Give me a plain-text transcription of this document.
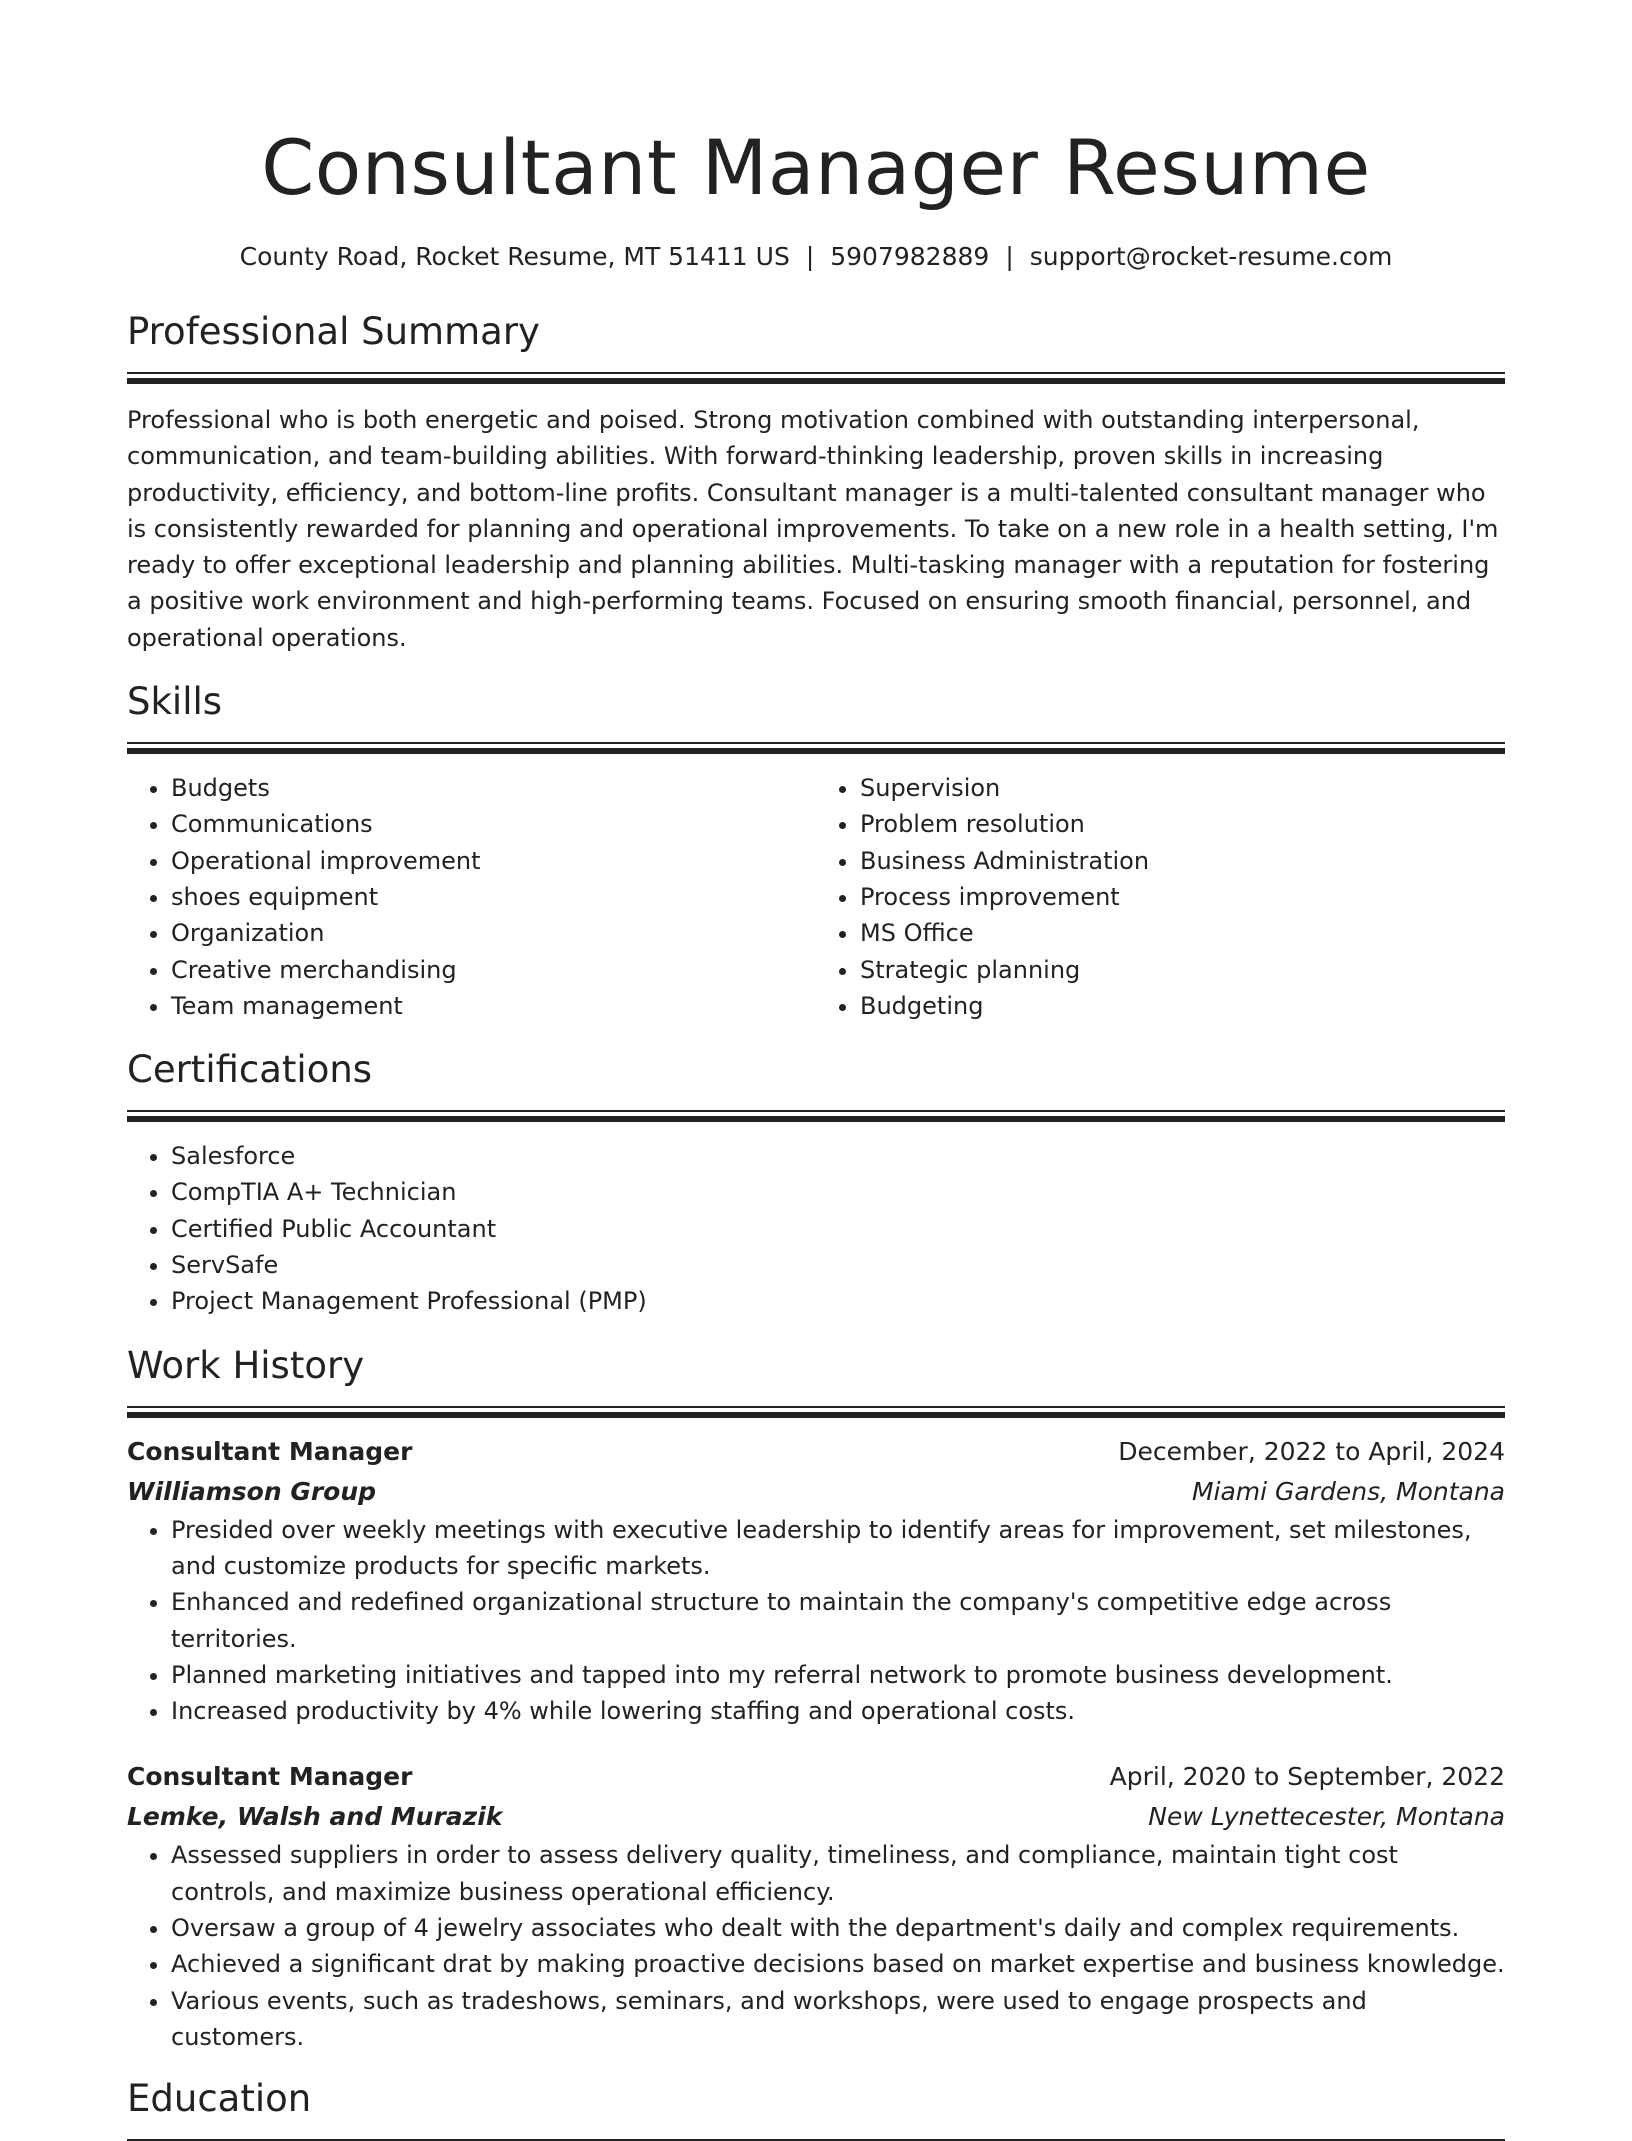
Consultant Manager Resume
County Road, Rocket Resume, MT 51411 US | 5907982889 | support@rocket-resume.com
Professional Summary

Professional who is both energetic and poised. Strong motivation combined with outstanding interpersonal, communication, and team-building abilities. With forward-thinking leadership, proven skills in increasing productivity, efficiency, and bottom-line profits. Consultant manager is a multi-talented consultant manager who is consistently rewarded for planning and operational improvements. To take on a new role in a health setting, I'm ready to offer exceptional leadership and planning abilities. Multi-tasking manager with a reputation for fostering a positive work environment and high-performing teams. Focused on ensuring smooth financial, personnel, and operational operations.

Skills
• Budgets
• Communications
• Operational improvement
• shoes equipment
• Organization
• Creative merchandising
• Team management
• Supervision
• Problem resolution
• Business Administration
• Process improvement
• MS Office
• Strategic planning
• Budgeting
Certifications
• Salesforce
• CompTIA A+ Technician
• Certified Public Accountant
• ServSafe
• Project Management Professional (PMP)
Work History
Consultant Manager	December, 2022 to April, 2024
Williamson Group	Miami Gardens, Montana
• Presided over weekly meetings with executive leadership to identify areas for improvement, set milestones, and customize products for specific markets.
• Enhanced and redefined organizational structure to maintain the company's competitive edge across territories.
• Planned marketing initiatives and tapped into my referral network to promote business development.
• Increased productivity by 4% while lowering staffing and operational costs.
Consultant Manager	April, 2020 to September, 2022
Lemke, Walsh and Murazik	New Lynettecester, Montana
• Assessed suppliers in order to assess delivery quality, timeliness, and compliance, maintain tight cost controls, and maximize business operational efficiency.
• Oversaw a group of 4 jewelry associates who dealt with the department's daily and complex requirements.
• Achieved a significant drat by making proactive decisions based on market expertise and business knowledge.
• Various events, such as tradeshows, seminars, and workshops, were used to engage prospects and customers.
Education
